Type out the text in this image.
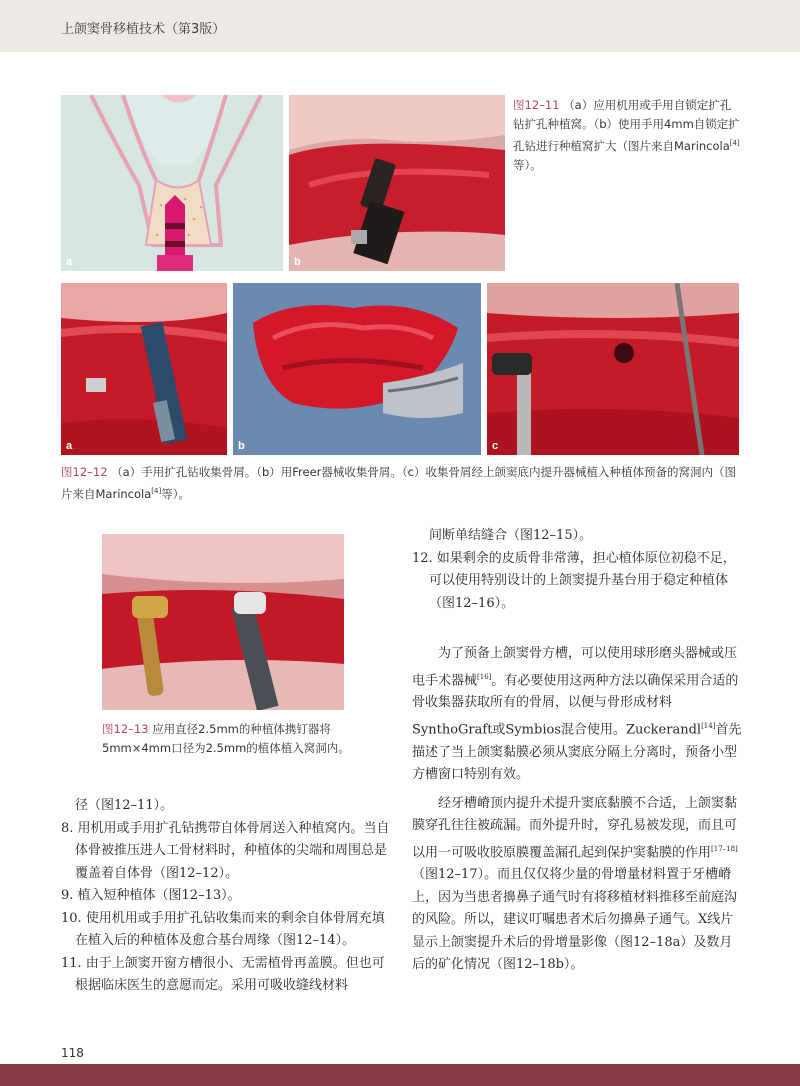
上颌窦骨移植技术（第3版）
a	b
图12–11 （a）应用机用或手用自锁定扩孔钻扩孔种植窝。（b）使用手用4mm自锁定扩孔钻进行种植窝扩大（图片来自Marincola[4]等）。
a	b	c
图12–12 （a）手用扩孔钻收集骨屑。（b）用Freer器械收集骨屑。（c）收集骨屑经上颌窦底内提升器械植入种植体预备的窝洞内（图片来自Marincola[4]等）。
图12–13 应用直径2.5mm的种植体携钉器将5mm×4mm口径为2.5mm的植体植入窝洞内。

径（图12–11）。

8. 用机用或手用扩孔钻携带自体骨屑送入种植窝内。当自体骨被推压进人工骨材料时，种植体的尖端和周围总是覆盖着自体骨（图12–12）。

9. 植入短种植体（图12–13）。

10. 使用机用或手用扩孔钻收集而来的剩余自体骨屑充填在植入后的种植体及愈合基台周缘（图12–14）。

11. 由于上颌窦开窗方槽很小、无需植骨再盖膜。但也可根据临床医生的意愿而定。采用可吸收缝线材料

间断单结缝合（图12–15）。

12. 如果剩余的皮质骨非常薄，担心植体原位初稳不足，可以使用特别设计的上颌窦提升基台用于稳定种植体（图12–16）。

为了预备上颌窦骨方槽，可以使用球形磨头器械或压电手术器械[16]。有必要使用这两种方法以确保采用合适的骨收集器获取所有的骨屑，以便与骨形成材料SynthoGraft或Symbios混合使用。Zuckerandl[14]首先描述了当上颌窦黏膜必须从窦底分隔上分离时，预备小型方槽窗口特别有效。

经牙槽嵴顶内提升术提升窦底黏膜不合适，上颌窦黏膜穿孔往往被疏漏。而外提升时，穿孔易被发现，而且可以用一可吸收胶原膜覆盖漏孔起到保护窦黏膜的作用[17–18]（图12–17）。而且仅仅将少量的骨增量材料置于牙槽嵴上，因为当患者擤鼻子通气时有将移植材料推移至前庭沟的风险。所以，建议叮嘱患者术后勿擤鼻子通气。X线片显示上颌窦提升术后的骨增量影像（图12–18a）及数月后的矿化情况（图12–18b）。

118
